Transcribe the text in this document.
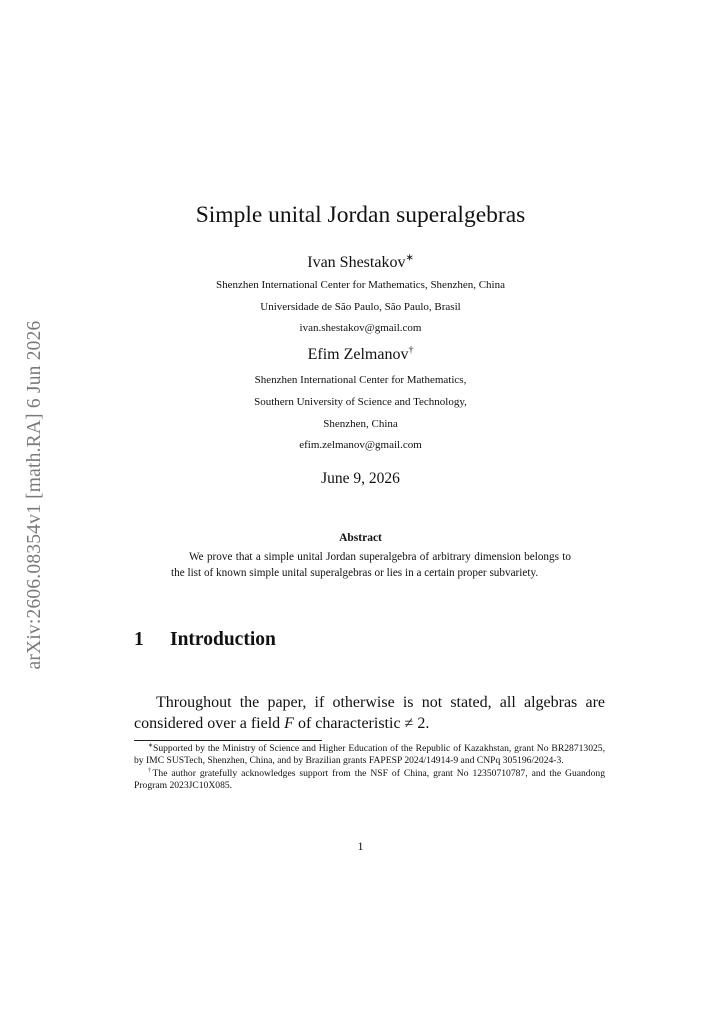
arXiv:2606.08354v1 [math.RA] 6 Jun 2026
Simple unital Jordan superalgebras
Ivan Shestakov∗
Shenzhen International Center for Mathematics, Shenzhen, China
Universidade de São Paulo, São Paulo, Brasil
ivan.shestakov@gmail.com
Efim Zelmanov†
Shenzhen International Center for Mathematics,
Southern University of Science and Technology,
Shenzhen, China
efim.zelmanov@gmail.com
June 9, 2026
Abstract
We prove that a simple unital Jordan superalgebra of arbitrary dimension belongs to the list of known simple unital superalgebras or lies in a certain proper subvariety.
1 Introduction
Throughout the paper, if otherwise is not stated, all algebras are considered over a field F of characteristic ≠ 2.

∗Supported by the Ministry of Science and Higher Education of the Republic of Kazakhstan, grant No BR28713025, by IMC SUSTech, Shenzhen, China, and by Brazilian grants FAPESP 2024/14914-9 and CNPq 305196/2024-3.

†The author gratefully acknowledges support from the NSF of China, grant No 12350710787, and the Guandong Program 2023JC10X085.

1
